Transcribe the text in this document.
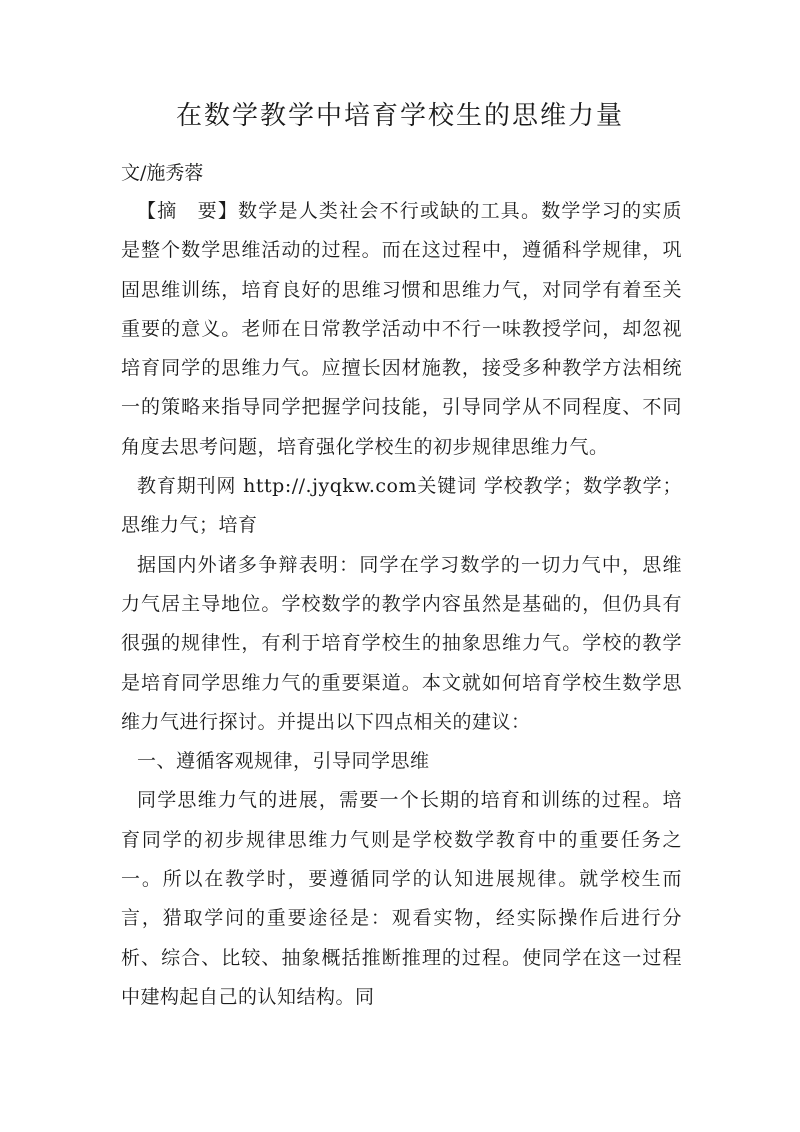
在数学教学中培育学校生的思维力量
文/施秀蓉

【摘　要】数学是人类社会不行或缺的工具。数学学习的实质是整个数学思维活动的过程。而在这过程中，遵循科学规律，巩固思维训练，培育良好的思维习惯和思维力气，对同学有着至关重要的意义。老师在日常教学活动中不行一味教授学问，却忽视培育同学的思维力气。应擅长因材施教，接受多种教学方法相统一的策略来指导同学把握学问技能，引导同学从不同程度、不同角度去思考问题，培育强化学校生的初步规律思维力气。

教育期刊网 http://.jyqkw.com关键词 学校教学；数学教学；思维力气；培育

据国内外诸多争辩表明：同学在学习数学的一切力气中，思维力气居主导地位。学校数学的教学内容虽然是基础的，但仍具有很强的规律性，有利于培育学校生的抽象思维力气。学校的教学是培育同学思维力气的重要渠道。本文就如何培育学校生数学思维力气进行探讨。并提出以下四点相关的建议：

一、遵循客观规律，引导同学思维

同学思维力气的进展，需要一个长期的培育和训练的过程。培育同学的初步规律思维力气则是学校数学教育中的重要任务之一。所以在教学时，要遵循同学的认知进展规律。就学校生而言，猎取学问的重要途径是：观看实物，经实际操作后进行分析、综合、比较、抽象概括推断推理的过程。使同学在这一过程中建构起自己的认知结构。同
